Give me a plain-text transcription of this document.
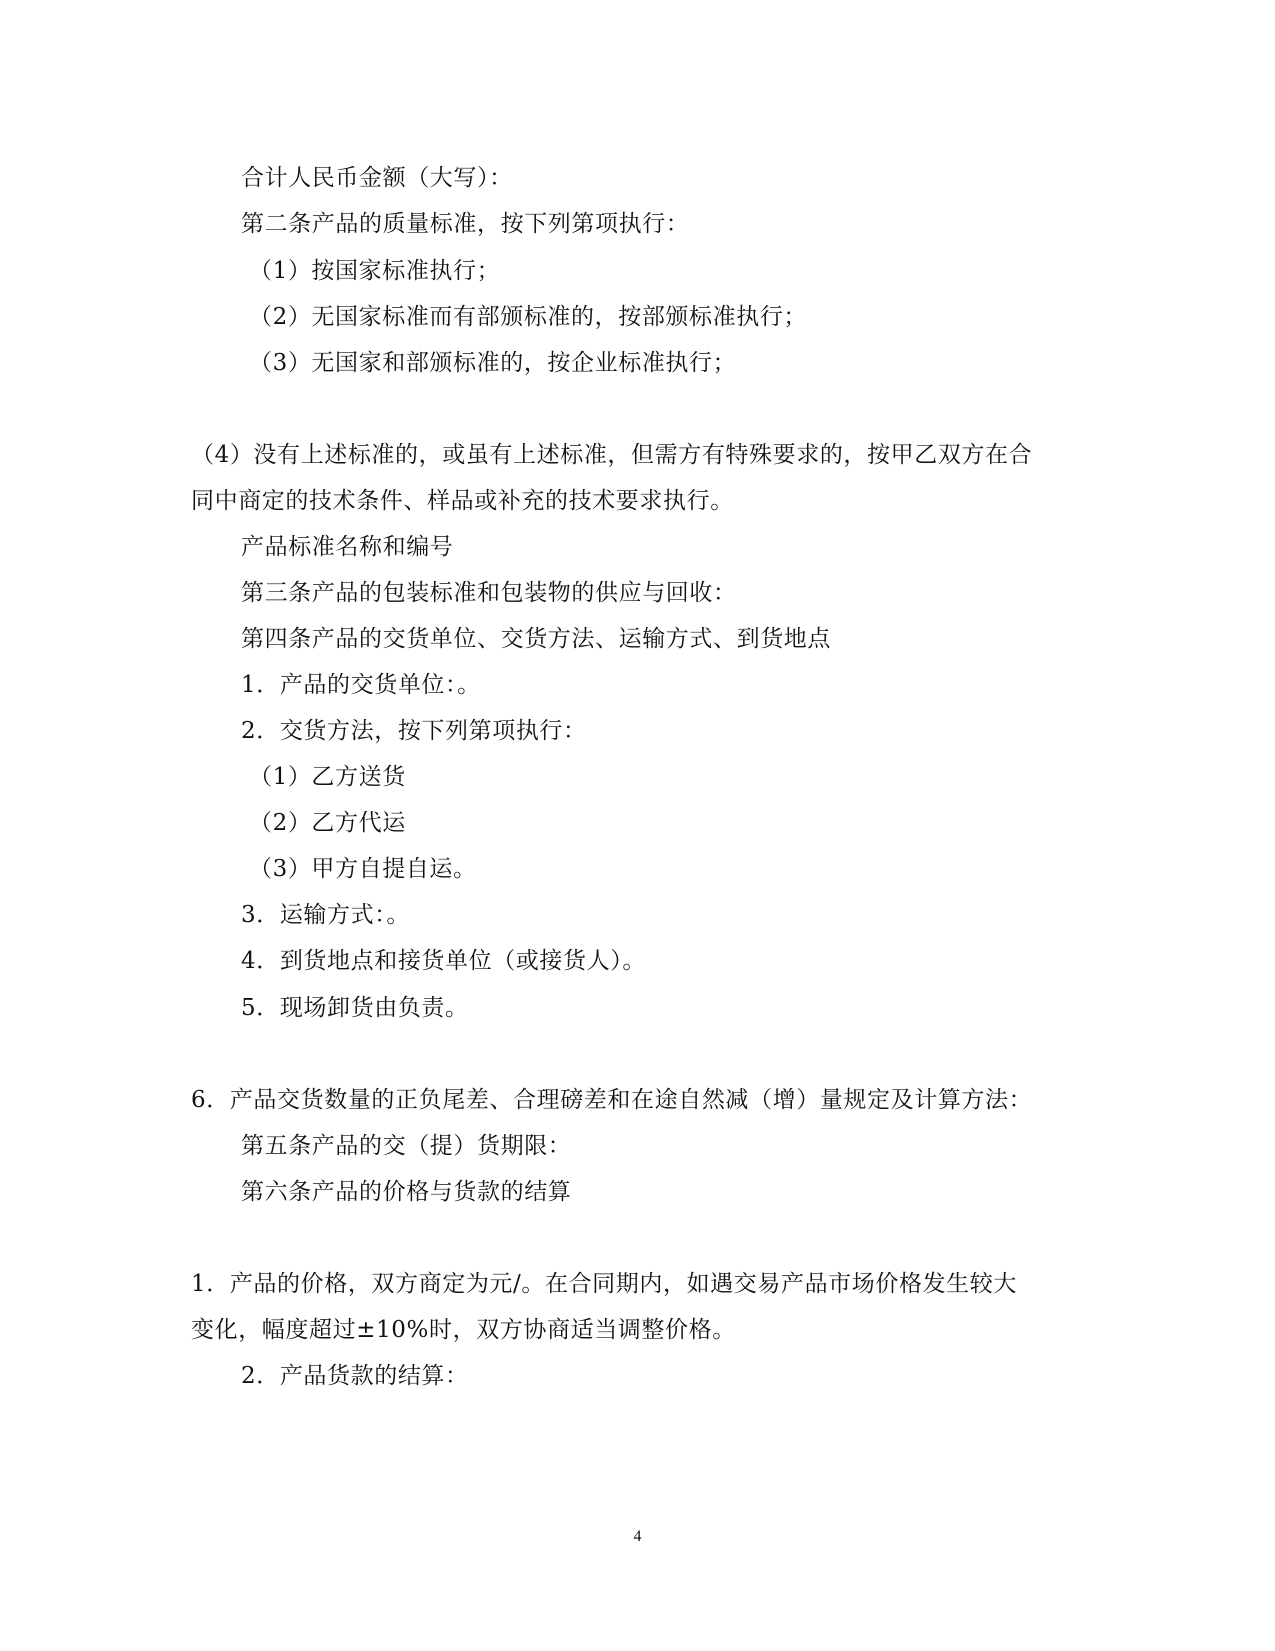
合计人民币金额（大写）：
第二条产品的质量标准，按下列第项执行：
（1）按国家标准执行；
（2）无国家标准而有部颁标准的，按部颁标准执行；
（3）无国家和部颁标准的，按企业标准执行；
（4）没有上述标准的，或虽有上述标准，但需方有特殊要求的，按甲乙双方在合
同中商定的技术条件、样品或补充的技术要求执行。
产品标准名称和编号
第三条产品的包装标准和包装物的供应与回收：
第四条产品的交货单位、交货方法、运输方式、到货地点
1．产品的交货单位：。
2．交货方法，按下列第项执行：
（1）乙方送货
（2）乙方代运
（3）甲方自提自运。
3．运输方式：。
4．到货地点和接货单位（或接货人）。
5．现场卸货由负责。
6．产品交货数量的正负尾差、合理磅差和在途自然减（增）量规定及计算方法：
第五条产品的交（提）货期限：
第六条产品的价格与货款的结算
1．产品的价格，双方商定为元/。在合同期内，如遇交易产品市场价格发生较大
变化，幅度超过±10%时，双方协商适当调整价格。
2．产品货款的结算：
4
